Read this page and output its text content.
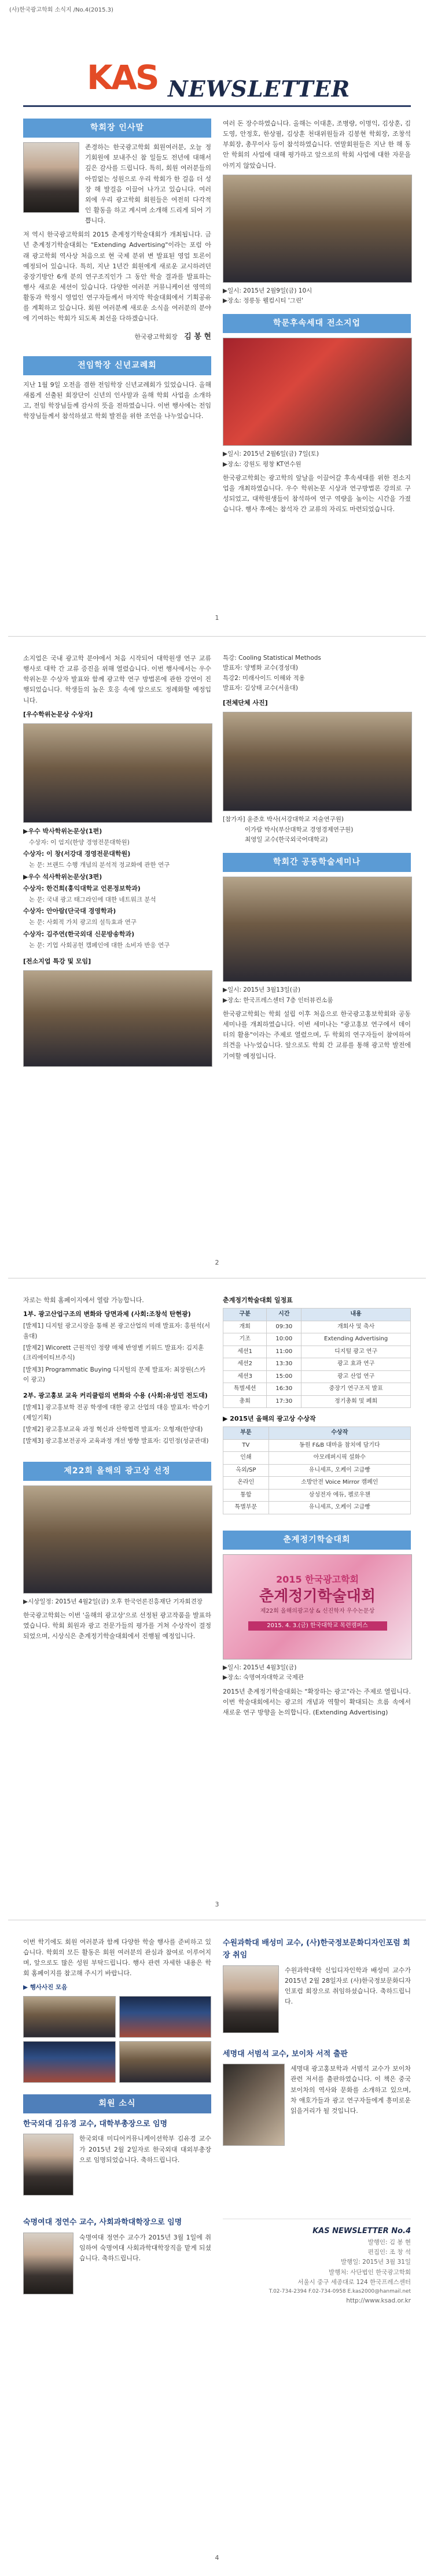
(사)한국광고학회 소식지 /No.4(2015.3)
KAS NEWSLETTER
학회장 인사말

존경하는 한국광고학회 회원여러분, 오늘 정기회원에 보내주신 참 일들도 전년에 대해서 깊은 감사를 드립니다. 특히, 회원 여러분들의 아낌없는 성원으로 우리 학회가 한 걸음 더 성장 해 발걸음 이끌어 나가고 있습니다. 여러 외에 우리 광고학회 회원들은 여전히 다각적인 활동을 하고 계시며 소개해 드리게 되어 기쁩니다.

저 역시 한국광고학회의 2015 춘계정기학술대회가 개최됩니다. 금년 춘계정기학술대회는 "Extending Advertising"이라는 포럼 아래 광고학회 역사상 처음으로 현 국제 분위 변 발표된 영업 토론이 예정되어 있습니다. 특히, 지난 1년간 회원에게 새로운 교시하려던 중장기방안 6개 분의 연구조직인가 그 동안 학술 결과를 발표하는 행사 새로운 세션이 있습니다. 다양한 여러분 커뮤니케이션 영역의 활동과 학정시 영업인 연구자들께서 마지막 학술대회에서 기획공유를 계획하고 있습니다. 회원 여러분께 새로운 소식을 여러분의 분야에 기여하는 학회가 되도록 최선을 다하겠습니다.

한국광고학회장 김 봉 현
전임학장 신년교례회

지난 1월 9일 오전을 겸한 전임학장 신년교례회가 있었습니다. 올해 새롭게 선출된 회장단이 신년의 인사말과 올해 학회 사업을 소개하고, 전임 학장님들께 감사의 뜻을 전하였습니다. 이번 행사에는 전임 학장님들께서 참석하셨고 학회 발전을 위한 조언을 나누었습니다.

여러 돈 장수하였습니다. 올해는 이대훈, 조병량, 이명익, 김상훈, 김도영, 안정호, 한상필, 김상훈 천대위원들과 김봉현 학회장, 조창석 부회장, 총무이사 등이 참석하였습니다. 연말회원들은 지난 한 해 동안 학회의 사업에 대해 평가하고 앞으로의 학회 사업에 대한 자문을 아끼지 않았습니다.

▶일시: 2015년 2월9일(금) 10시
▶장소: 정릉동 웰컴시티 '그린'
학문후속세대 전소지업
▶일시: 2015년 2월6일(금) 7일(토)
▶장소: 강원도 평창 KT연수원

한국광고학회는 광고학의 앞날을 이끌어갈 후속세대를 위한 전소지업을 개최하였습니다. 우수 학위논문 시상과 연구방법론 강의로 구성되었고, 대학원생들이 참석하여 연구 역량을 높이는 시간을 가졌습니다. 행사 후에는 참석자 간 교류의 자리도 마련되었습니다.

1

소지업은 국내 광고학 분야에서 처음 시작되어 대학원생 연구 교류 행사로 대학 간 교류 증진을 위해 열렸습니다. 이번 행사에서는 우수 학위논문 수상자 발표와 함께 광고학 연구 방법론에 관한 강연이 진행되었습니다. 학생들의 높은 호응 속에 앞으로도 정례화할 예정입니다.

[우수학위논문상 수상자]
▶우수 박사학위논문상(1편)
수상자: 이 엄지(한양 경영전문대학원)
수상자: 이 창(서강대 경영전문대학원)
논 문: 브랜드 수행 개념의 분석적 정교화에 관한 연구
▶우수 석사학위논문상(3편)
수상자: 한건희(홍익대학교 언론정보학과)
논 문: 국내 광고 태그라인에 대한 네트워크 분석
수상자: 안아람(단국대 경영학과)
논 문: 사회적 가치 광고의 설득효과 연구
수상자: 김주연(한국외대 신문방송학과)
논 문: 기업 사회공헌 캠페인에 대한 소비자 반응 연구
[전소지업 특강 및 모임]
특강: Cooling Statistical Methods
발표자: 양병화 교수(경성대)
특강2: 미래사이드 이해와 적용
발표자: 김상태 교수(서울대)
[전체단체 사진]
[참가자] 윤준호 박사(서강대학교 지술연구원)
이가람 박사(부산대학교 경영경제연구원)
최영일 교수(한국외국어대학교)
학회간 공동학술세미나
▶일시: 2015년 3월13일(금)
▶장소: 한국프레스센터 7층 인터뷰컨소룸

한국광고학회는 학회 설립 이후 처음으로 한국광고홍보학회와 공동 세미나를 개최하였습니다. 이번 세미나는 "광고홍보 연구에서 데이터의 활용"이라는 주제로 열렸으며, 두 학회의 연구자들이 참여하여 의견을 나누었습니다. 앞으로도 학회 간 교류를 통해 광고학 발전에 기여할 예정입니다.

2

자로는 학회 홈페이지에서 열람 가능합니다.

1부. 광고산업구조의 변화와 당면과제 (사회:조창석 탄현광)
[발제1] 디지털 광고시장을 통해 본 광고산업의 미래 발표자: 홍원석(서울대)
[발제2] Wicorett 근원적인 정량 매체 반영별 키워드 발표자: 김지훈(크리에이티브주식)
[발제3] Programmatic Buying 디지털의 문제 발표자: 최장원(스카이 광고)
2부. 광고홍보 교육 커리큘럼의 변화와 수용 (사회:유성민 전도대)
[발제1] 광고홍보학 전공 학생에 대한 광고 산업의 대응 발표자: 박승기(제일기획)
[발제2] 광고홍보교육 과정 혁신과 산학협력 발표자: 오형재(한양대)
[발제3] 광고홍보전공자 교육과정 개선 방향 발표자: 김민정(성균관대)
제22회 올해의 광고상 선정
▶시상일정: 2015년 4월2일(금) 오후 한국언론진흥재단 기자회견장

한국광고학회는 이번 '올해의 광고상'으로 선정된 광고작품을 발표하였습니다. 학회 회원과 광고 전문가들의 평가를 거쳐 수상작이 결정되었으며, 시상식은 춘계정기학술대회에서 진행될 예정입니다.

춘계정기학술대회 일정표
구분	시간	내용
개회	09:30	개회사 및 축사
기조	10:00	Extending Advertising
세션1	11:00	디지털 광고 연구
세션2	13:30	광고 효과 연구
세션3	15:00	광고 산업 연구
특별세션	16:30	중장기 연구조직 발표
총회	17:30	정기총회 및 폐회
▶ 2015년 올해의 광고상 수상작
부문	수상작
TV	동원 F&B 대마을 참치에 담기다
인쇄	아모레퍼시픽 설화수
옥외/SP	유니세프, 오케이 고급빵
온라인	소방안전 Voice Mirror 캠페인
통합	삼성전자 에듀, 펠로우챈
특별부문	유니세프, 오케이 고급빵
춘계정기학술대회
2015 한국광고학회
춘계정기학술대회
제22회 올해의광고상 & 신진학자 우수논문상
2015. 4. 3.(금) 한국대학교 목련캠퍼스
▶일시: 2015년 4월3일(금)
▶장소: 숙명여자대학교 국제관

2015년 춘계정기학술대회는 "확장하는 광고"라는 주제로 열립니다. 이번 학술대회에서는 광고의 개념과 역할이 확대되는 흐름 속에서 새로운 연구 방향을 논의합니다. (Extending Advertising)

3

이번 학기에도 회원 여러분과 함께 다양한 학술 행사를 준비하고 있습니다. 학회의 모든 활동은 회원 여러분의 관심과 참여로 이루어지며, 앞으로도 많은 성원 부탁드립니다. 행사 관련 자세한 내용은 학회 홈페이지를 참고해 주시기 바랍니다.

▶ 행사사진 모음
회원 소식
한국외대 김유경 교수, 대학부총장으로 임명

한국외대 미디어커뮤니케이션학부 김유경 교수가 2015년 2월 2일자로 한국외대 대외부총장으로 임명되었습니다. 축하드립니다.

숙명여대 정연수 교수, 사회과학대학장으로 임명

숙명여대 정연수 교수가 2015년 3월 1일에 취임하여 숙명여대 사회과학대학장직을 맡게 되셨습니다. 축하드립니다.

수원과학대 배성미 교수, (사)한국정보문화디자인포럼 회장 취임

수원과학대학 신입디자인학과 배성미 교수가 2015년 2월 28일자로 (사)한국정보문화디자인포럼 회장으로 취임하셨습니다. 축하드립니다.

세명대 서범석 교수, 보이차 서적 출판

세명대 광고홍보학과 서범석 교수가 보이차 관련 저서를 출판하였습니다. 이 책은 중국 보이차의 역사와 문화를 소개하고 있으며, 차 애호가들과 광고 연구자들에게 흥미로운 읽을거리가 될 것입니다.

KAS NEWSLETTER No.4
발행인: 김 봉 현
편집인: 조 창 석
발행일: 2015년 3월 31일
발행처: 사단법인 한국광고학회
서울시 중구 세종대로 124 한국프레스센터
T.02-734-2394 F.02-734-0958 E.kas2000@hanmail.net
http://www.ksad.or.kr
4
